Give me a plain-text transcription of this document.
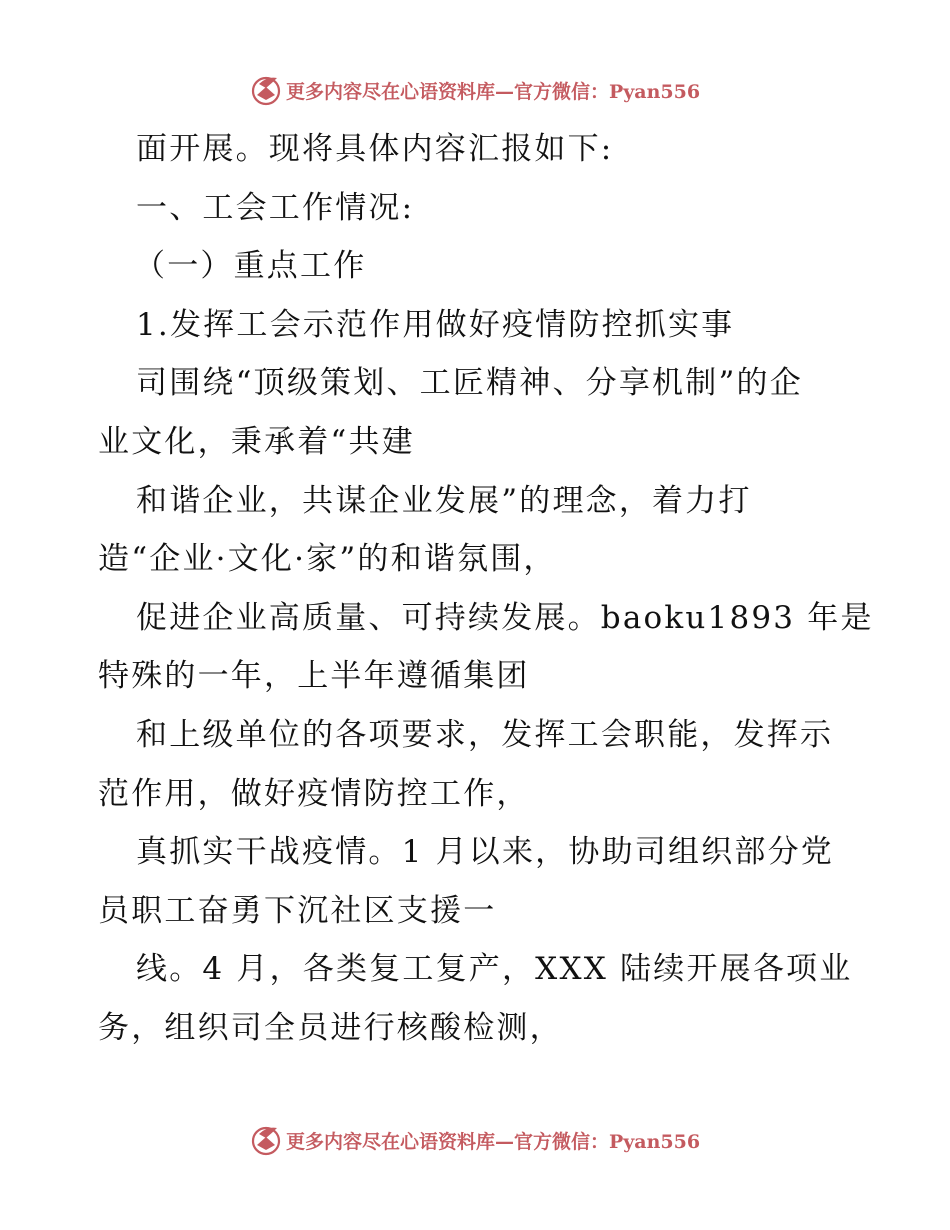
更多内容尽在心语资料库—官方微信：Pyan556
面开展。现将具体内容汇报如下:
一、工会工作情况:
（一）重点工作
1.发挥工会示范作用做好疫情防控抓实事
司围绕“顶级策划、工匠精神、分享机制”的企
业文化，秉承着“共建
和谐企业，共谋企业发展”的理念，着力打
造“企业·文化·家”的和谐氛围，
促进企业高质量、可持续发展。baoku1893 年是
特殊的一年，上半年遵循集团
和上级单位的各项要求，发挥工会职能，发挥示
范作用，做好疫情防控工作，
真抓实干战疫情。1 月以来，协助司组织部分党
员职工奋勇下沉社区支援一
线。4 月，各类复工复产，XXX 陆续开展各项业
务，组织司全员进行核酸检测，
更多内容尽在心语资料库—官方微信：Pyan556
